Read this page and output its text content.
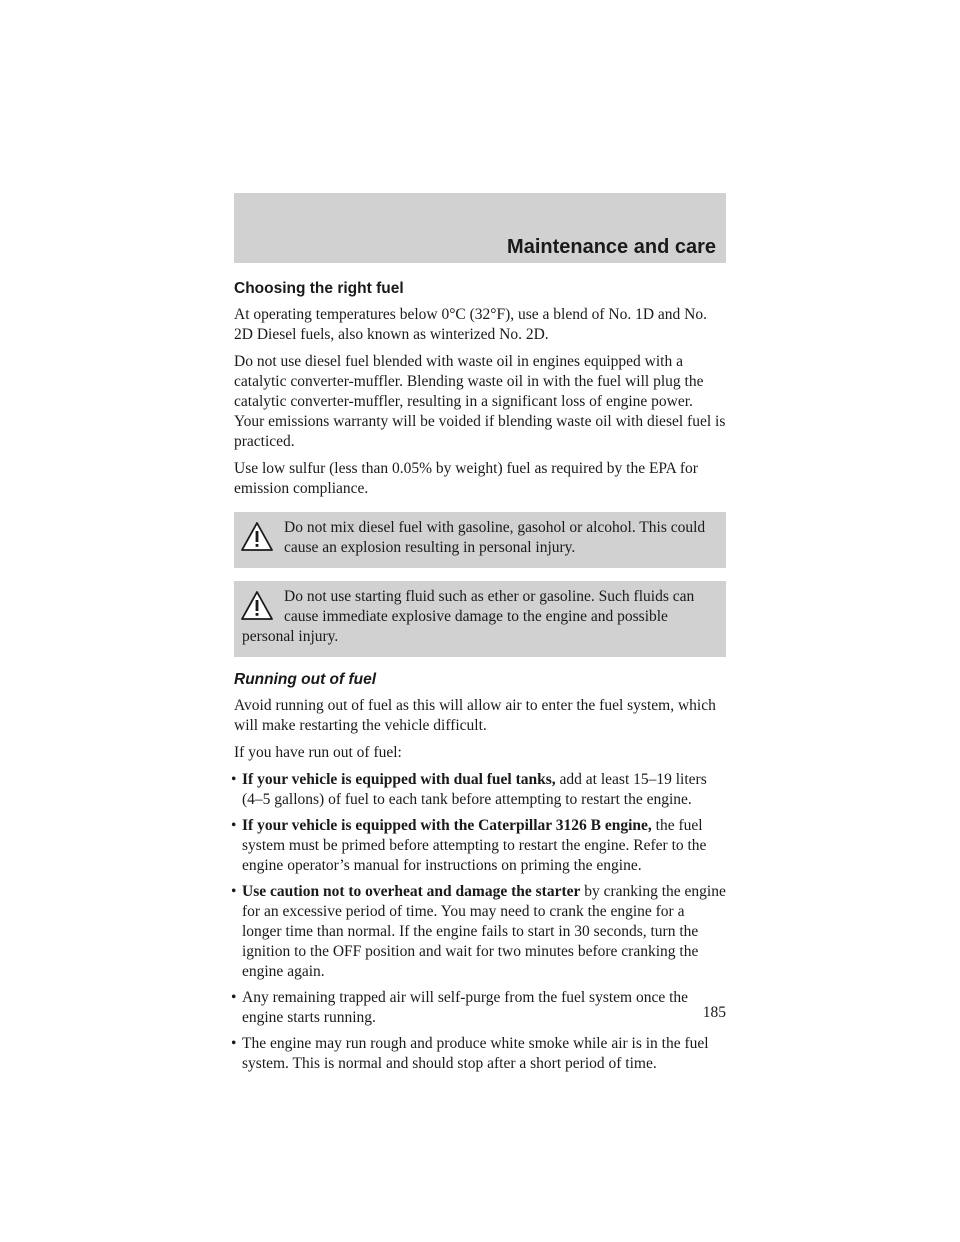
Maintenance and care
Choosing the right fuel

At operating temperatures below 0°C (32°F), use a blend of No. 1D and No. 2D Diesel fuels, also known as winterized No. 2D.

Do not use diesel fuel blended with waste oil in engines equipped with a catalytic converter-muffler. Blending waste oil in with the fuel will plug the catalytic converter-muffler, resulting in a significant loss of engine power. Your emissions warranty will be voided if blending waste oil with diesel fuel is practiced.

Use low sulfur (less than 0.05% by weight) fuel as required by the EPA for emission compliance.

Do not mix diesel fuel with gasoline, gasohol or alcohol. This could cause an explosion resulting in personal injury.

Do not use starting fluid such as ether or gasoline. Such fluids can cause immediate explosive damage to the engine and possible personal injury.

Running out of fuel

Avoid running out of fuel as this will allow air to enter the fuel system, which will make restarting the vehicle difficult.

If you have run out of fuel:

• If your vehicle is equipped with dual fuel tanks, add at least 15–19 liters (4–5 gallons) of fuel to each tank before attempting to restart the engine.
• If your vehicle is equipped with the Caterpillar 3126 B engine, the fuel system must be primed before attempting to restart the engine. Refer to the engine operator’s manual for instructions on priming the engine.
• Use caution not to overheat and damage the starter by cranking the engine for an excessive period of time. You may need to crank the engine for a longer time than normal. If the engine fails to start in 30 seconds, turn the ignition to the OFF position and wait for two minutes before cranking the engine again.
• Any remaining trapped air will self-purge from the fuel system once the engine starts running.
• The engine may run rough and produce white smoke while air is in the fuel system. This is normal and should stop after a short period of time.
185
